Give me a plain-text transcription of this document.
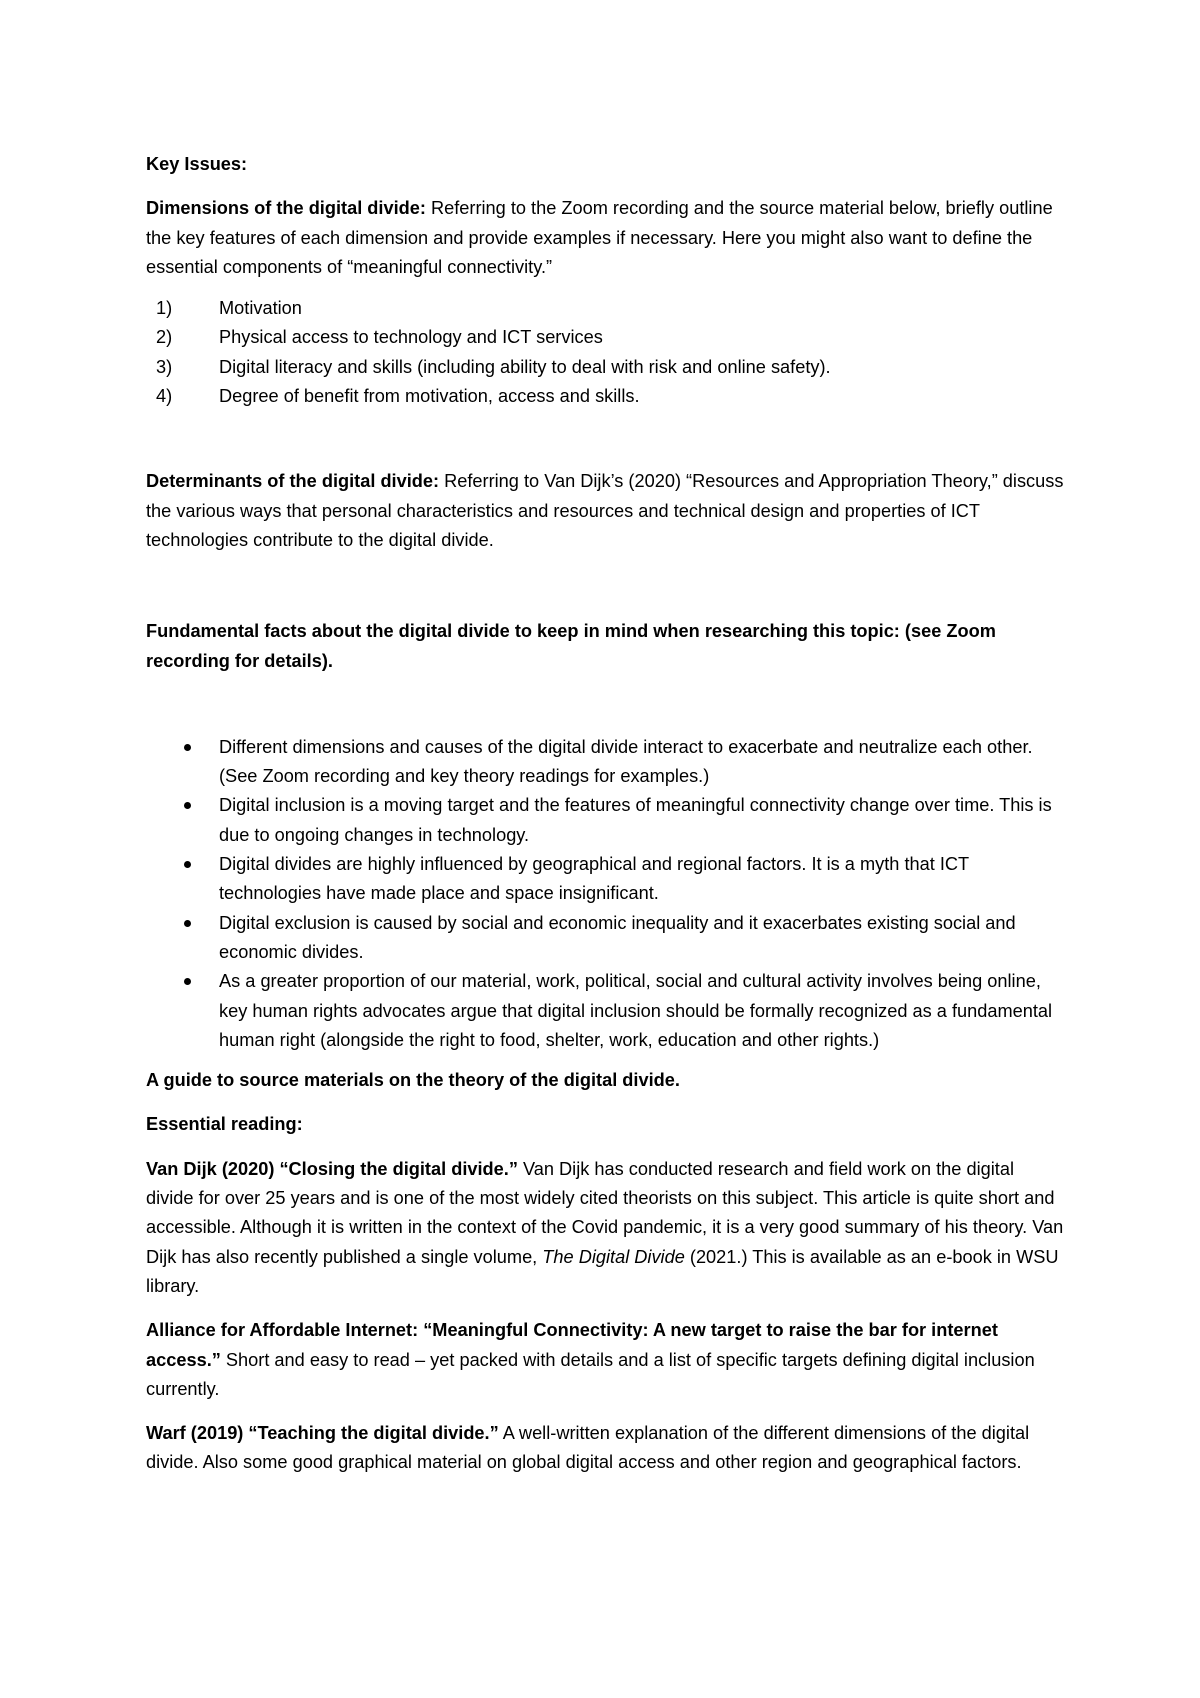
Key Issues:

Dimensions of the digital divide: Referring to the Zoom recording and the source material below, briefly outline the key features of each dimension and provide examples if necessary. Here you might also want to define the essential components of “meaningful connectivity.”

1)	Motivation
2)	Physical access to technology and ICT services
3)	Digital literacy and skills (including ability to deal with risk and online safety).
4)	Degree of benefit from motivation, access and skills.

Determinants of the digital divide: Referring to Van Dijk’s (2020) “Resources and Appropriation Theory,” discuss the various ways that personal characteristics and resources and technical design and properties of ICT technologies contribute to the digital divide.

Fundamental facts about the digital divide to keep in mind when researching this topic: (see Zoom recording for details).

Different dimensions and causes of the digital divide interact to exacerbate and neutralize each other. (See Zoom recording and key theory readings for examples.)
Digital inclusion is a moving target and the features of meaningful connectivity change over time. This is due to ongoing changes in technology.
Digital divides are highly influenced by geographical and regional factors. It is a myth that ICT technologies have made place and space insignificant.
Digital exclusion is caused by social and economic inequality and it exacerbates existing social and economic divides.
As a greater proportion of our material, work, political, social and cultural activity involves being online, key human rights advocates argue that digital inclusion should be formally recognized as a fundamental human right (alongside the right to food, shelter, work, education and other rights.)

A guide to source materials on the theory of the digital divide.

Essential reading:

Van Dijk (2020) “Closing the digital divide.” Van Dijk has conducted research and field work on the digital divide for over 25 years and is one of the most widely cited theorists on this subject. This article is quite short and accessible. Although it is written in the context of the Covid pandemic, it is a very good summary of his theory. Van Dijk has also recently published a single volume, The Digital Divide (2021.) This is available as an e-book in WSU library.

Alliance for Affordable Internet: “Meaningful Connectivity: A new target to raise the bar for internet access.” Short and easy to read – yet packed with details and a list of specific targets defining digital inclusion currently.

Warf (2019) “Teaching the digital divide.” A well-written explanation of the different dimensions of the digital divide. Also some good graphical material on global digital access and other region and geographical factors.
